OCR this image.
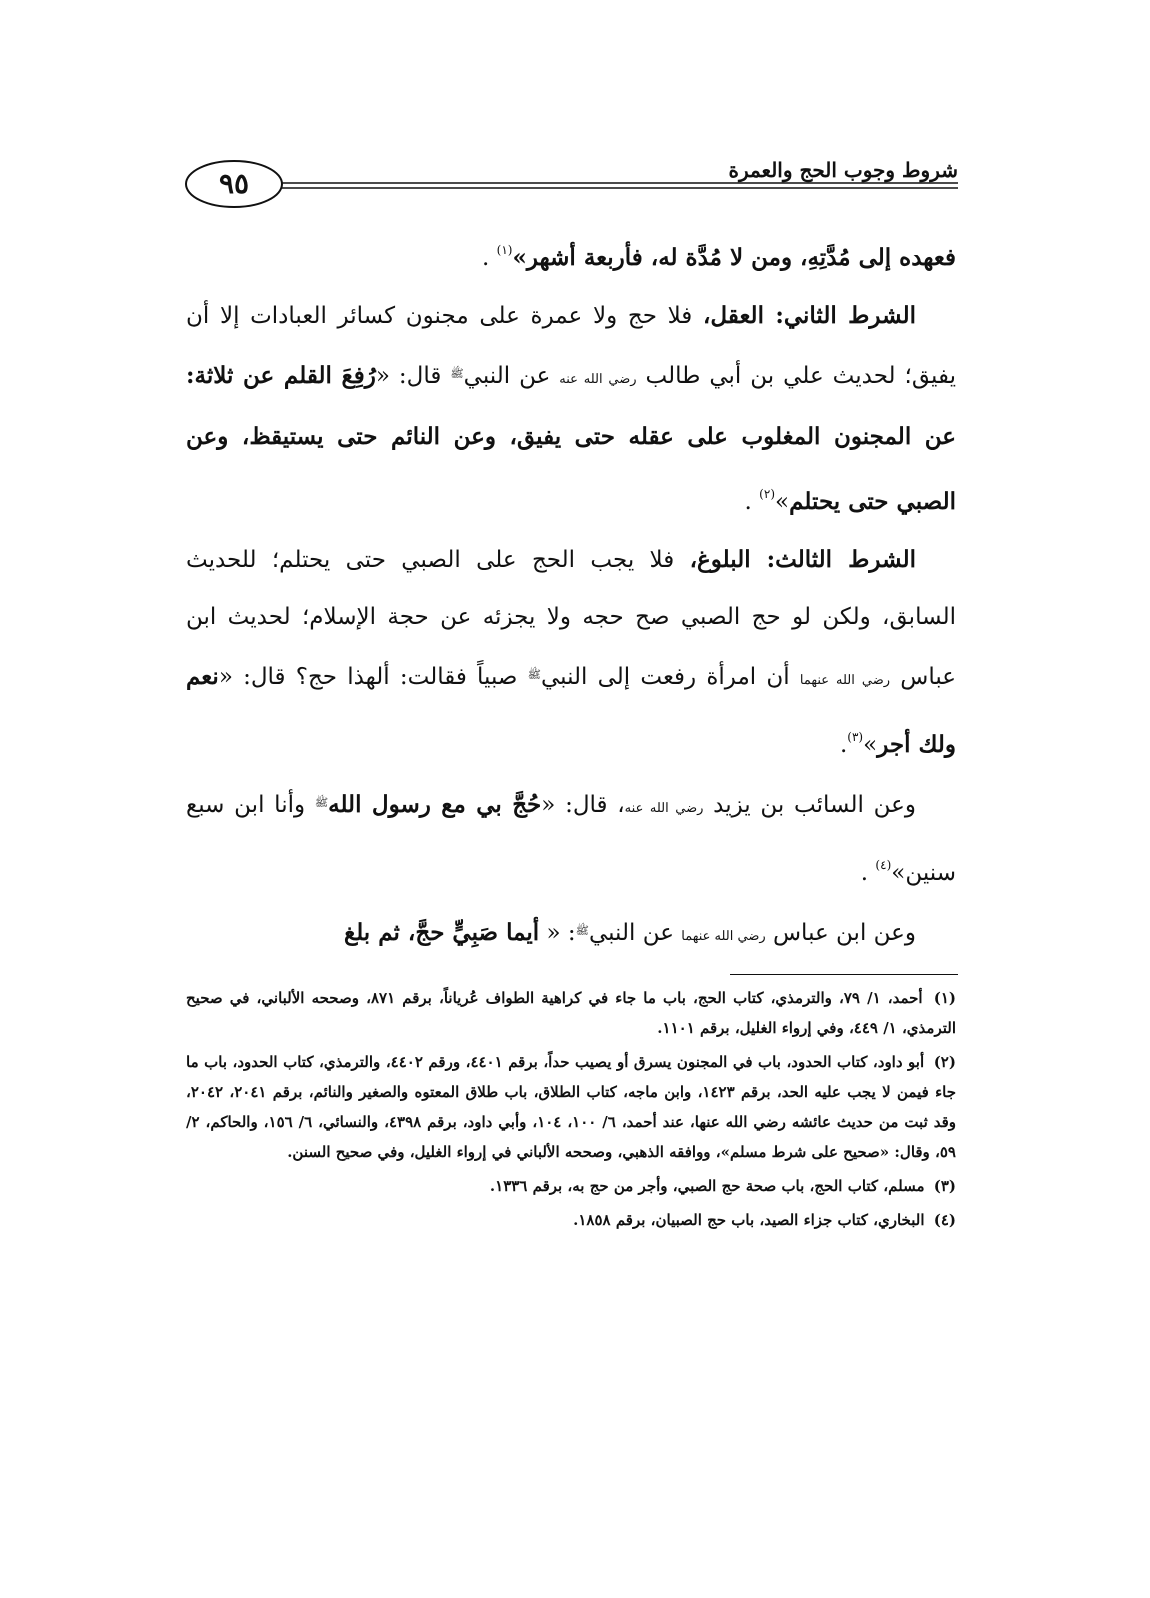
٩٥	شروط وجوب الحج والعمرة

فعهده إلى مُدَّتِهِ، ومن لا مُدَّة له، فأربعة أشهر»$^{(١)}$ .

الشرط الثاني: العقل، فلا حج ولا عمرة على مجنون كسائر العبادات إلا أن يفيق؛ لحديث علي بن أبي طالب رضي الله عنه عن النبي$^ﷺ$ قال: «رُفِعَ القلم عن ثلاثة: عن المجنون المغلوب على عقله حتى يفيق، وعن النائم حتى يستيقظ، وعن الصبي حتى يحتلم»$^{(٢)}$ .

الشرط الثالث: البلوغ، فلا يجب الحج على الصبي حتى يحتلم؛ للحديث السابق، ولكن لو حج الصبي صح حجه ولا يجزئه عن حجة الإسلام؛ لحديث ابن عباس رضي الله عنهما أن امرأة رفعت إلى النبي$^ﷺ$ صبياً فقالت: ألهذا حج؟ قال: «نعم ولك أجر»$^{(٣)}$.

وعن السائب بن يزيد رضي الله عنه، قال: «حُجَّ بي مع رسول الله$^ﷺ$ وأنا ابن سبع سنين»$^{(٤)}$ .

وعن ابن عباس رضي الله عنهما عن النبي$^ﷺ$: « أيما صَبِيٍّ حجَّ، ثم بلغ

(١) أحمد، ١/ ٧٩، والترمذي، كتاب الحج، باب ما جاء في كراهية الطواف عُرياناً، برقم ٨٧١، وصححه الألباني، في صحيح الترمذي، ١/ ٤٤٩، وفي إرواء الغليل، برقم ١١٠١.

(٢) أبو داود، كتاب الحدود، باب في المجنون يسرق أو يصيب حداً، برقم ٤٤٠١، ورقم ٤٤٠٢، والترمذي، كتاب الحدود، باب ما جاء فيمن لا يجب عليه الحد، برقم ١٤٢٣، وابن ماجه، كتاب الطلاق، باب طلاق المعتوه والصغير والنائم، برقم ٢٠٤١، ٢٠٤٢، وقد ثبت من حديث عائشه رضي الله عنها، عند أحمد، ٦/ ١٠٠، ١٠٤، وأبي داود، برقم ٤٣٩٨، والنسائي، ٦/ ١٥٦، والحاكم، ٢/ ٥٩، وقال: «صحيح على شرط مسلم»، ووافقه الذهبي، وصححه الألباني في إرواء الغليل، وفي صحيح السنن.

(٣) مسلم، كتاب الحج، باب صحة حج الصبي، وأجر من حج به، برقم ١٣٣٦.

(٤) البخاري، كتاب جزاء الصيد، باب حج الصبيان، برقم ١٨٥٨.
